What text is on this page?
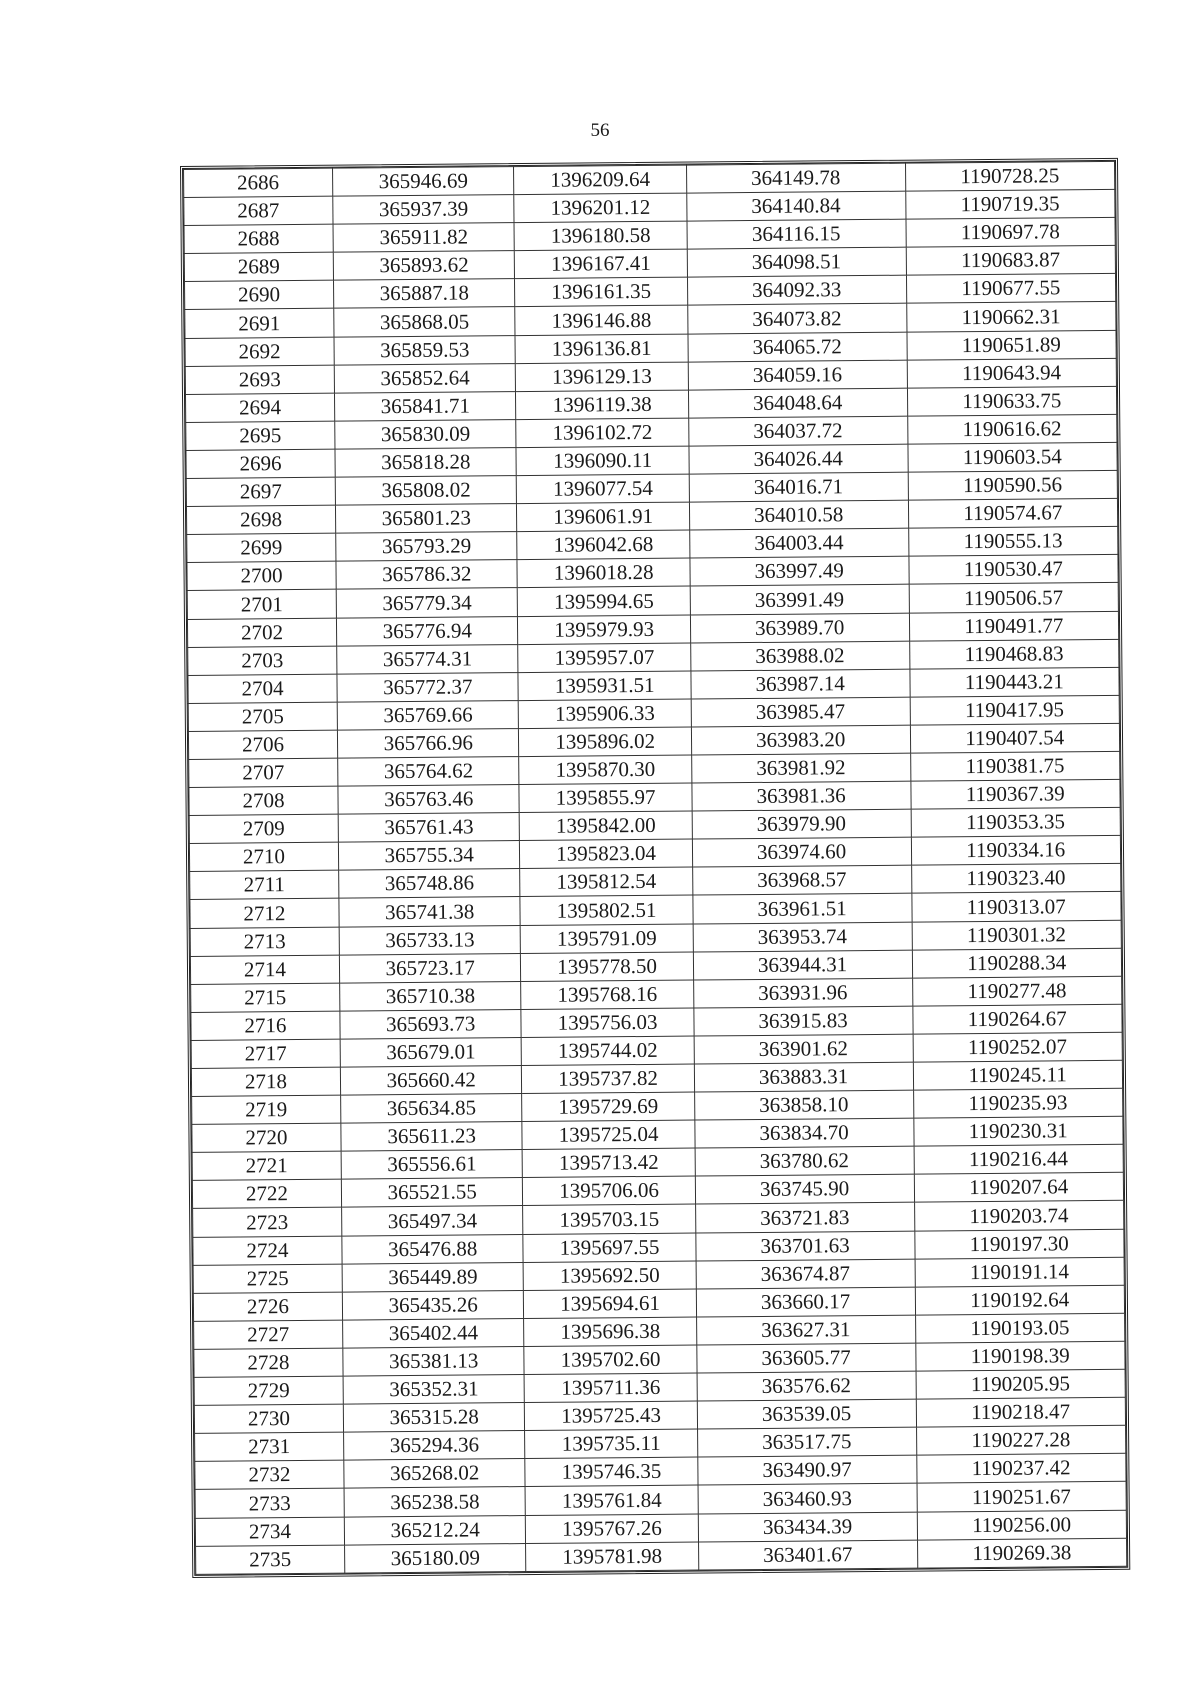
56
2686	365946.69	1396209.64	364149.78	1190728.25
2687	365937.39	1396201.12	364140.84	1190719.35
2688	365911.82	1396180.58	364116.15	1190697.78
2689	365893.62	1396167.41	364098.51	1190683.87
2690	365887.18	1396161.35	364092.33	1190677.55
2691	365868.05	1396146.88	364073.82	1190662.31
2692	365859.53	1396136.81	364065.72	1190651.89
2693	365852.64	1396129.13	364059.16	1190643.94
2694	365841.71	1396119.38	364048.64	1190633.75
2695	365830.09	1396102.72	364037.72	1190616.62
2696	365818.28	1396090.11	364026.44	1190603.54
2697	365808.02	1396077.54	364016.71	1190590.56
2698	365801.23	1396061.91	364010.58	1190574.67
2699	365793.29	1396042.68	364003.44	1190555.13
2700	365786.32	1396018.28	363997.49	1190530.47
2701	365779.34	1395994.65	363991.49	1190506.57
2702	365776.94	1395979.93	363989.70	1190491.77
2703	365774.31	1395957.07	363988.02	1190468.83
2704	365772.37	1395931.51	363987.14	1190443.21
2705	365769.66	1395906.33	363985.47	1190417.95
2706	365766.96	1395896.02	363983.20	1190407.54
2707	365764.62	1395870.30	363981.92	1190381.75
2708	365763.46	1395855.97	363981.36	1190367.39
2709	365761.43	1395842.00	363979.90	1190353.35
2710	365755.34	1395823.04	363974.60	1190334.16
2711	365748.86	1395812.54	363968.57	1190323.40
2712	365741.38	1395802.51	363961.51	1190313.07
2713	365733.13	1395791.09	363953.74	1190301.32
2714	365723.17	1395778.50	363944.31	1190288.34
2715	365710.38	1395768.16	363931.96	1190277.48
2716	365693.73	1395756.03	363915.83	1190264.67
2717	365679.01	1395744.02	363901.62	1190252.07
2718	365660.42	1395737.82	363883.31	1190245.11
2719	365634.85	1395729.69	363858.10	1190235.93
2720	365611.23	1395725.04	363834.70	1190230.31
2721	365556.61	1395713.42	363780.62	1190216.44
2722	365521.55	1395706.06	363745.90	1190207.64
2723	365497.34	1395703.15	363721.83	1190203.74
2724	365476.88	1395697.55	363701.63	1190197.30
2725	365449.89	1395692.50	363674.87	1190191.14
2726	365435.26	1395694.61	363660.17	1190192.64
2727	365402.44	1395696.38	363627.31	1190193.05
2728	365381.13	1395702.60	363605.77	1190198.39
2729	365352.31	1395711.36	363576.62	1190205.95
2730	365315.28	1395725.43	363539.05	1190218.47
2731	365294.36	1395735.11	363517.75	1190227.28
2732	365268.02	1395746.35	363490.97	1190237.42
2733	365238.58	1395761.84	363460.93	1190251.67
2734	365212.24	1395767.26	363434.39	1190256.00
2735	365180.09	1395781.98	363401.67	1190269.38
